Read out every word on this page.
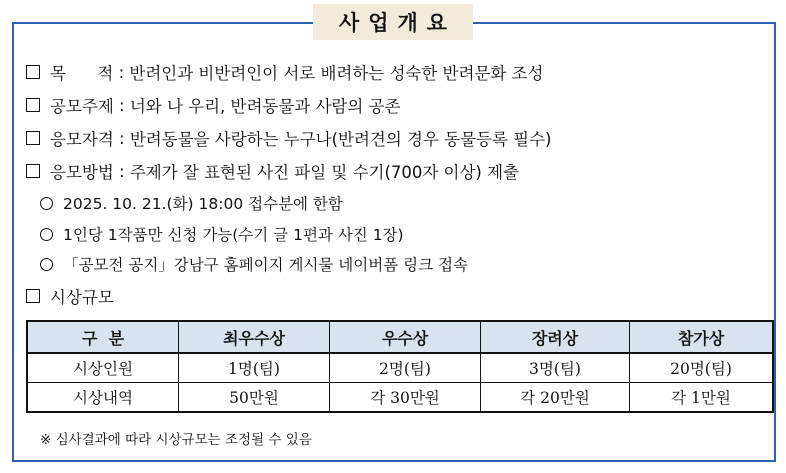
사업개요
목      적 : 반려인과 비반려인이 서로 배려하는 성숙한 반려문화 조성
공모주제 : 너와 나 우리, 반려동물과 사람의 공존
응모자격 : 반려동물을 사랑하는 누구나(반려견의 경우 동물등록 필수)
응모방법 : 주제가 잘 표현된 사진 파일 및 수기(700자 이상) 제출
2025. 10. 21.(화) 18:00 접수분에 한함
1인당 1작품만 신청 가능(수기 글 1편과 사진 1장)
「공모전 공지」강남구 홈페이지 게시물 네이버폼 링크 접속
시상규모
구  분	최우수상	우수상	장려상	참가상
시상인원	1명(팀)	2명(팀)	3명(팀)	20명(팀)
시상내역	50만원	각 30만원	각 20만원	각 1만원
※ 심사결과에 따라 시상규모는 조정될 수 있음
